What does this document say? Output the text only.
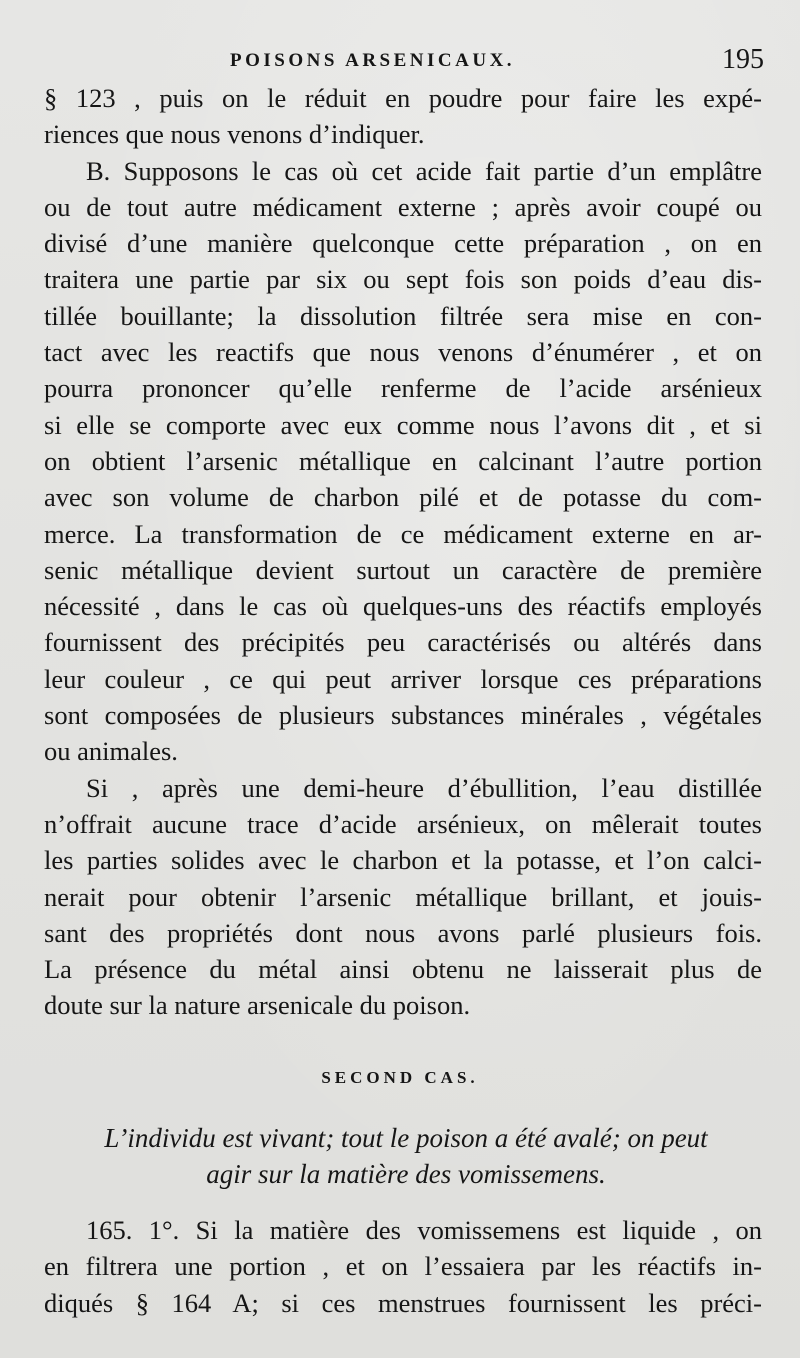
POISONS ARSENICAUX.	195
§ 123 , puis on le réduit en poudre pour faire les expé-
riences que nous venons d’indiquer.
B. Supposons le cas où cet acide fait partie d’un emplâtre
ou de tout autre médicament externe ; après avoir coupé ou
divisé d’une manière quelconque cette préparation , on en
traitera une partie par six ou sept fois son poids d’eau dis-
tillée bouillante; la dissolution filtrée sera mise en con-
tact avec les reactifs que nous venons d’énumérer , et on
pourra prononcer qu’elle renferme de l’acide arsénieux
si elle se comporte avec eux comme nous l’avons dit , et si
on obtient l’arsenic métallique en calcinant l’autre portion
avec son volume de charbon pilé et de potasse du com-
merce. La transformation de ce médicament externe en ar-
senic métallique devient surtout un caractère de première
nécessité , dans le cas où quelques-uns des réactifs employés
fournissent des précipités peu caractérisés ou altérés dans
leur couleur , ce qui peut arriver lorsque ces préparations
sont composées de plusieurs substances minérales , végétales
ou animales.
Si , après une demi-heure d’ébullition, l’eau distillée
n’offrait aucune trace d’acide arsénieux, on mêlerait toutes
les parties solides avec le charbon et la potasse, et l’on calci-
nerait pour obtenir l’arsenic métallique brillant, et jouis-
sant des propriétés dont nous avons parlé plusieurs fois.
La présence du métal ainsi obtenu ne laisserait plus de
doute sur la nature arsenicale du poison.
SECOND CAS.
L’individu est vivant; tout le poison a été avalé; on peut
agir sur la matière des vomissemens.
165. 1°. Si la matière des vomissemens est liquide , on
en filtrera une portion , et on l’essaiera par les réactifs in-
diqués § 164 A; si ces menstrues fournissent les préci-
